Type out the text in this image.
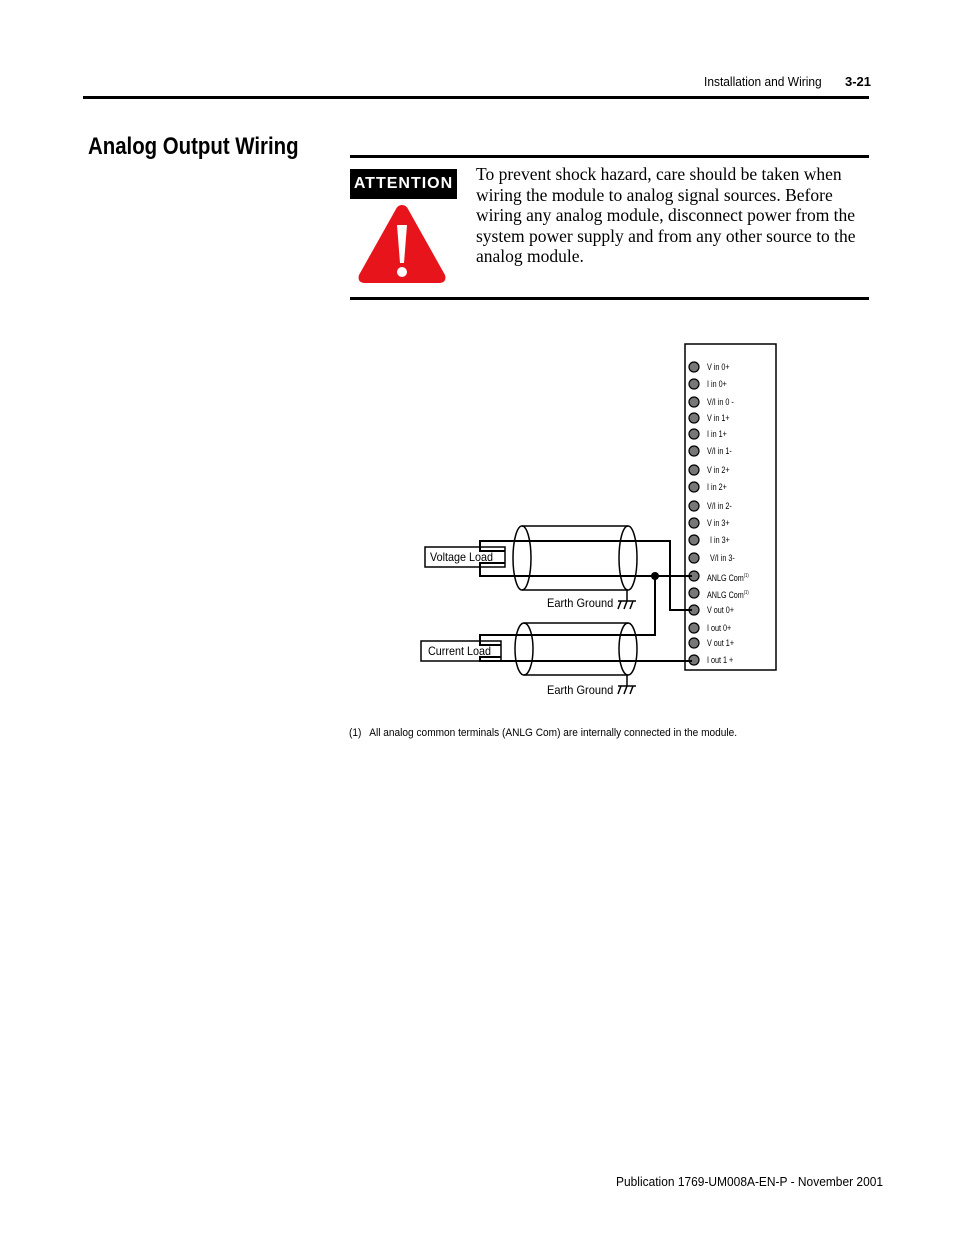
Installation and Wiring 3-21
Analog Output Wiring
ATTENTION To prevent shock hazard, care should be taken when wiring the module to analog signal sources. Before wiring any analog module, disconnect power from the system power supply and from any other source to the analog module.
V in 0+
I in 0+
V/I in 0 -
V in 1+
I in 1+
V/I in 1-
V in 2+
I in 2+
V/I in 2-
V in 3+
I in 3+
V/I in 3-
ANLG Com$^{(1)}$
ANLG Com$^{(1)}$
V out 0+
I out 0+
V out 1+
I out 1 +
Voltage Load
Current Load
Earth Ground
Earth Ground
(1) All analog common terminals (ANLG Com) are internally connected in the module.
Publication 1769-UM008A-EN-P - November 2001
